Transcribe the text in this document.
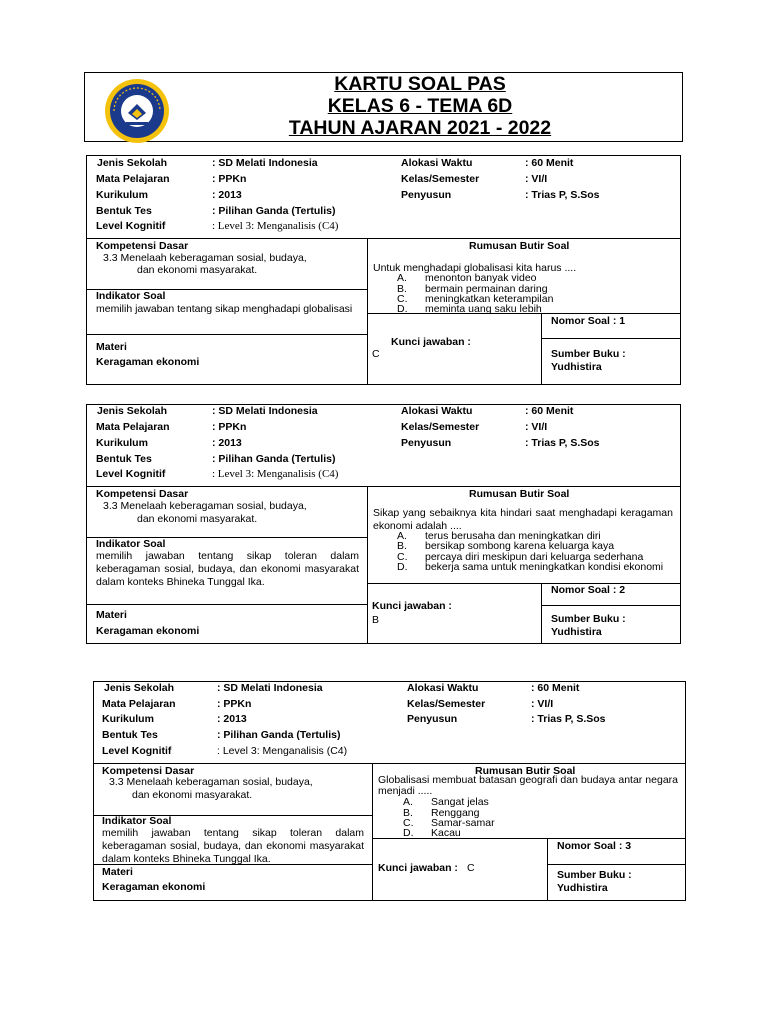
KARTU SOAL PAS
KELAS 6 - TEMA 6D
TAHUN AJARAN 2021 - 2022
Jenis Sekolah	: SD Melati Indonesia
Mata Pelajaran	: PPKn
Kurikulum	: 2013
Bentuk Tes	: Pilihan Ganda (Tertulis)
Level Kognitif	: Level 3: Menganalisis (C4)
Alokasi Waktu	: 60 Menit
Kelas/Semester	: VI/I
Penyusun	: Trias P, S.Sos
Kompetensi Dasar
3.3 Menelaah keberagaman sosial, budaya,
dan ekonomi masyarakat.
Indikator Soal
memilih jawaban tentang sikap menghadapi globalisasi
Materi
Keragaman ekonomi
Rumusan Butir Soal
Untuk menghadapi globalisasi kita harus ....
A. menonton banyak video
B. bermain permainan daring
C. meningkatkan keterampilan
D. meminta uang saku lebih
Nomor Soal : 1
Kunci jawaban :
C	Sumber Buku :
Yudhistira
Jenis Sekolah	: SD Melati Indonesia
Mata Pelajaran	: PPKn
Kurikulum	: 2013
Bentuk Tes	: Pilihan Ganda (Tertulis)
Level Kognitif	: Level 3: Menganalisis (C4)
Alokasi Waktu	: 60 Menit
Kelas/Semester	: VI/I
Penyusun	: Trias P, S.Sos
Kompetensi Dasar
3.3 Menelaah keberagaman sosial, budaya,
dan ekonomi masyarakat.
Indikator Soal
memilih jawaban tentang sikap toleran dalam keberagaman sosial, budaya, dan ekonomi masyarakat dalam konteks Bhineka Tunggal Ika.
Materi
Keragaman ekonomi
Rumusan Butir Soal
Sikap yang sebaiknya kita hindari saat menghadapi keragaman ekonomi adalah ....
A. terus berusaha dan meningkatkan diri
B. bersikap sombong karena keluarga kaya
C. percaya diri meskipun dari keluarga sederhana
D. bekerja sama untuk meningkatkan kondisi ekonomi
Nomor Soal : 2
Kunci jawaban :
B	Sumber Buku :
Yudhistira
Jenis Sekolah	: SD Melati Indonesia
Mata Pelajaran	: PPKn
Kurikulum	: 2013
Bentuk Tes	: Pilihan Ganda (Tertulis)
Level Kognitif	: Level 3: Menganalisis (C4)
Alokasi Waktu	: 60 Menit
Kelas/Semester	: VI/I
Penyusun	: Trias P, S.Sos
Kompetensi Dasar
3.3 Menelaah keberagaman sosial, budaya,
dan ekonomi masyarakat.
Indikator Soal
memilih jawaban tentang sikap toleran dalam keberagaman sosial, budaya, dan ekonomi masyarakat dalam konteks Bhineka Tunggal Ika.
Materi
Keragaman ekonomi
Rumusan Butir Soal
Globalisasi membuat batasan geografi dan budaya antar negara menjadi .....
A. Sangat jelas
B. Renggang
C. Samar-samar
D. Kacau
Nomor Soal : 3
Kunci jawaban : C
Sumber Buku :
Yudhistira
